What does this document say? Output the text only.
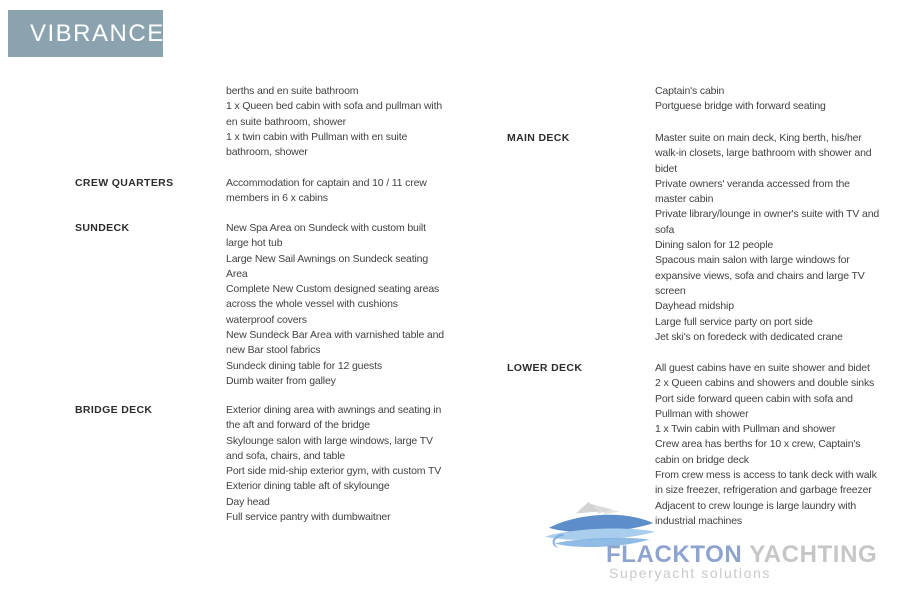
VIBRANCE
berths and en suite bathroom
1 x Queen bed cabin with sofa and pullman with
en suite bathroom, shower
1 x twin cabin with Pullman with en suite
bathroom, shower
CREW QUARTERS	Accommodation for captain and 10 / 11 crew
members in 6 x cabins
SUNDECK	New Spa Area on Sundeck with custom built
large hot tub
Large New Sail Awnings on Sundeck seating
Area
Complete New Custom designed seating areas
across the whole vessel with cushions
waterproof covers
New Sundeck Bar Area with varnished table and
new Bar stool fabrics
Sundeck dining table for 12 guests
Dumb waiter from galley
BRIDGE DECK	Exterior dining area with awnings and seating in
the aft and forward of the bridge
Skylounge salon with large windows, large TV
and sofa, chairs, and table
Port side mid-ship exterior gym, with custom TV
Exterior dining table aft of skylounge
Day head
Full service pantry with dumbwaitner
Captain's cabin
Portguese bridge with forward seating
MAIN DECK	Master suite on main deck, King berth, his/her
walk-in closets, large bathroom with shower and
bidet
Private owners' veranda accessed from the
master cabin
Private library/lounge in owner's suite with TV and
sofa
Dining salon for 12 people
Spacous main salon with large windows for
expansive views, sofa and chairs and large TV
screen
Dayhead midship
Large full service party on port side
Jet ski's on foredeck with dedicated crane
LOWER DECK	All guest cabins have en suite shower and bidet
2 x Queen cabins and showers and double sinks
Port side forward queen cabin with sofa and
Pullman with shower
1 x Twin cabin with Pullman and shower
Crew area has berths for 10 x crew, Captain's
cabin on bridge deck
From crew mess is access to tank deck with walk
in size freezer, refrigeration and garbage freezer
Adjacent to crew lounge is large laundry with
industrial machines
FLACKTON YACHTING
Superyacht solutions
